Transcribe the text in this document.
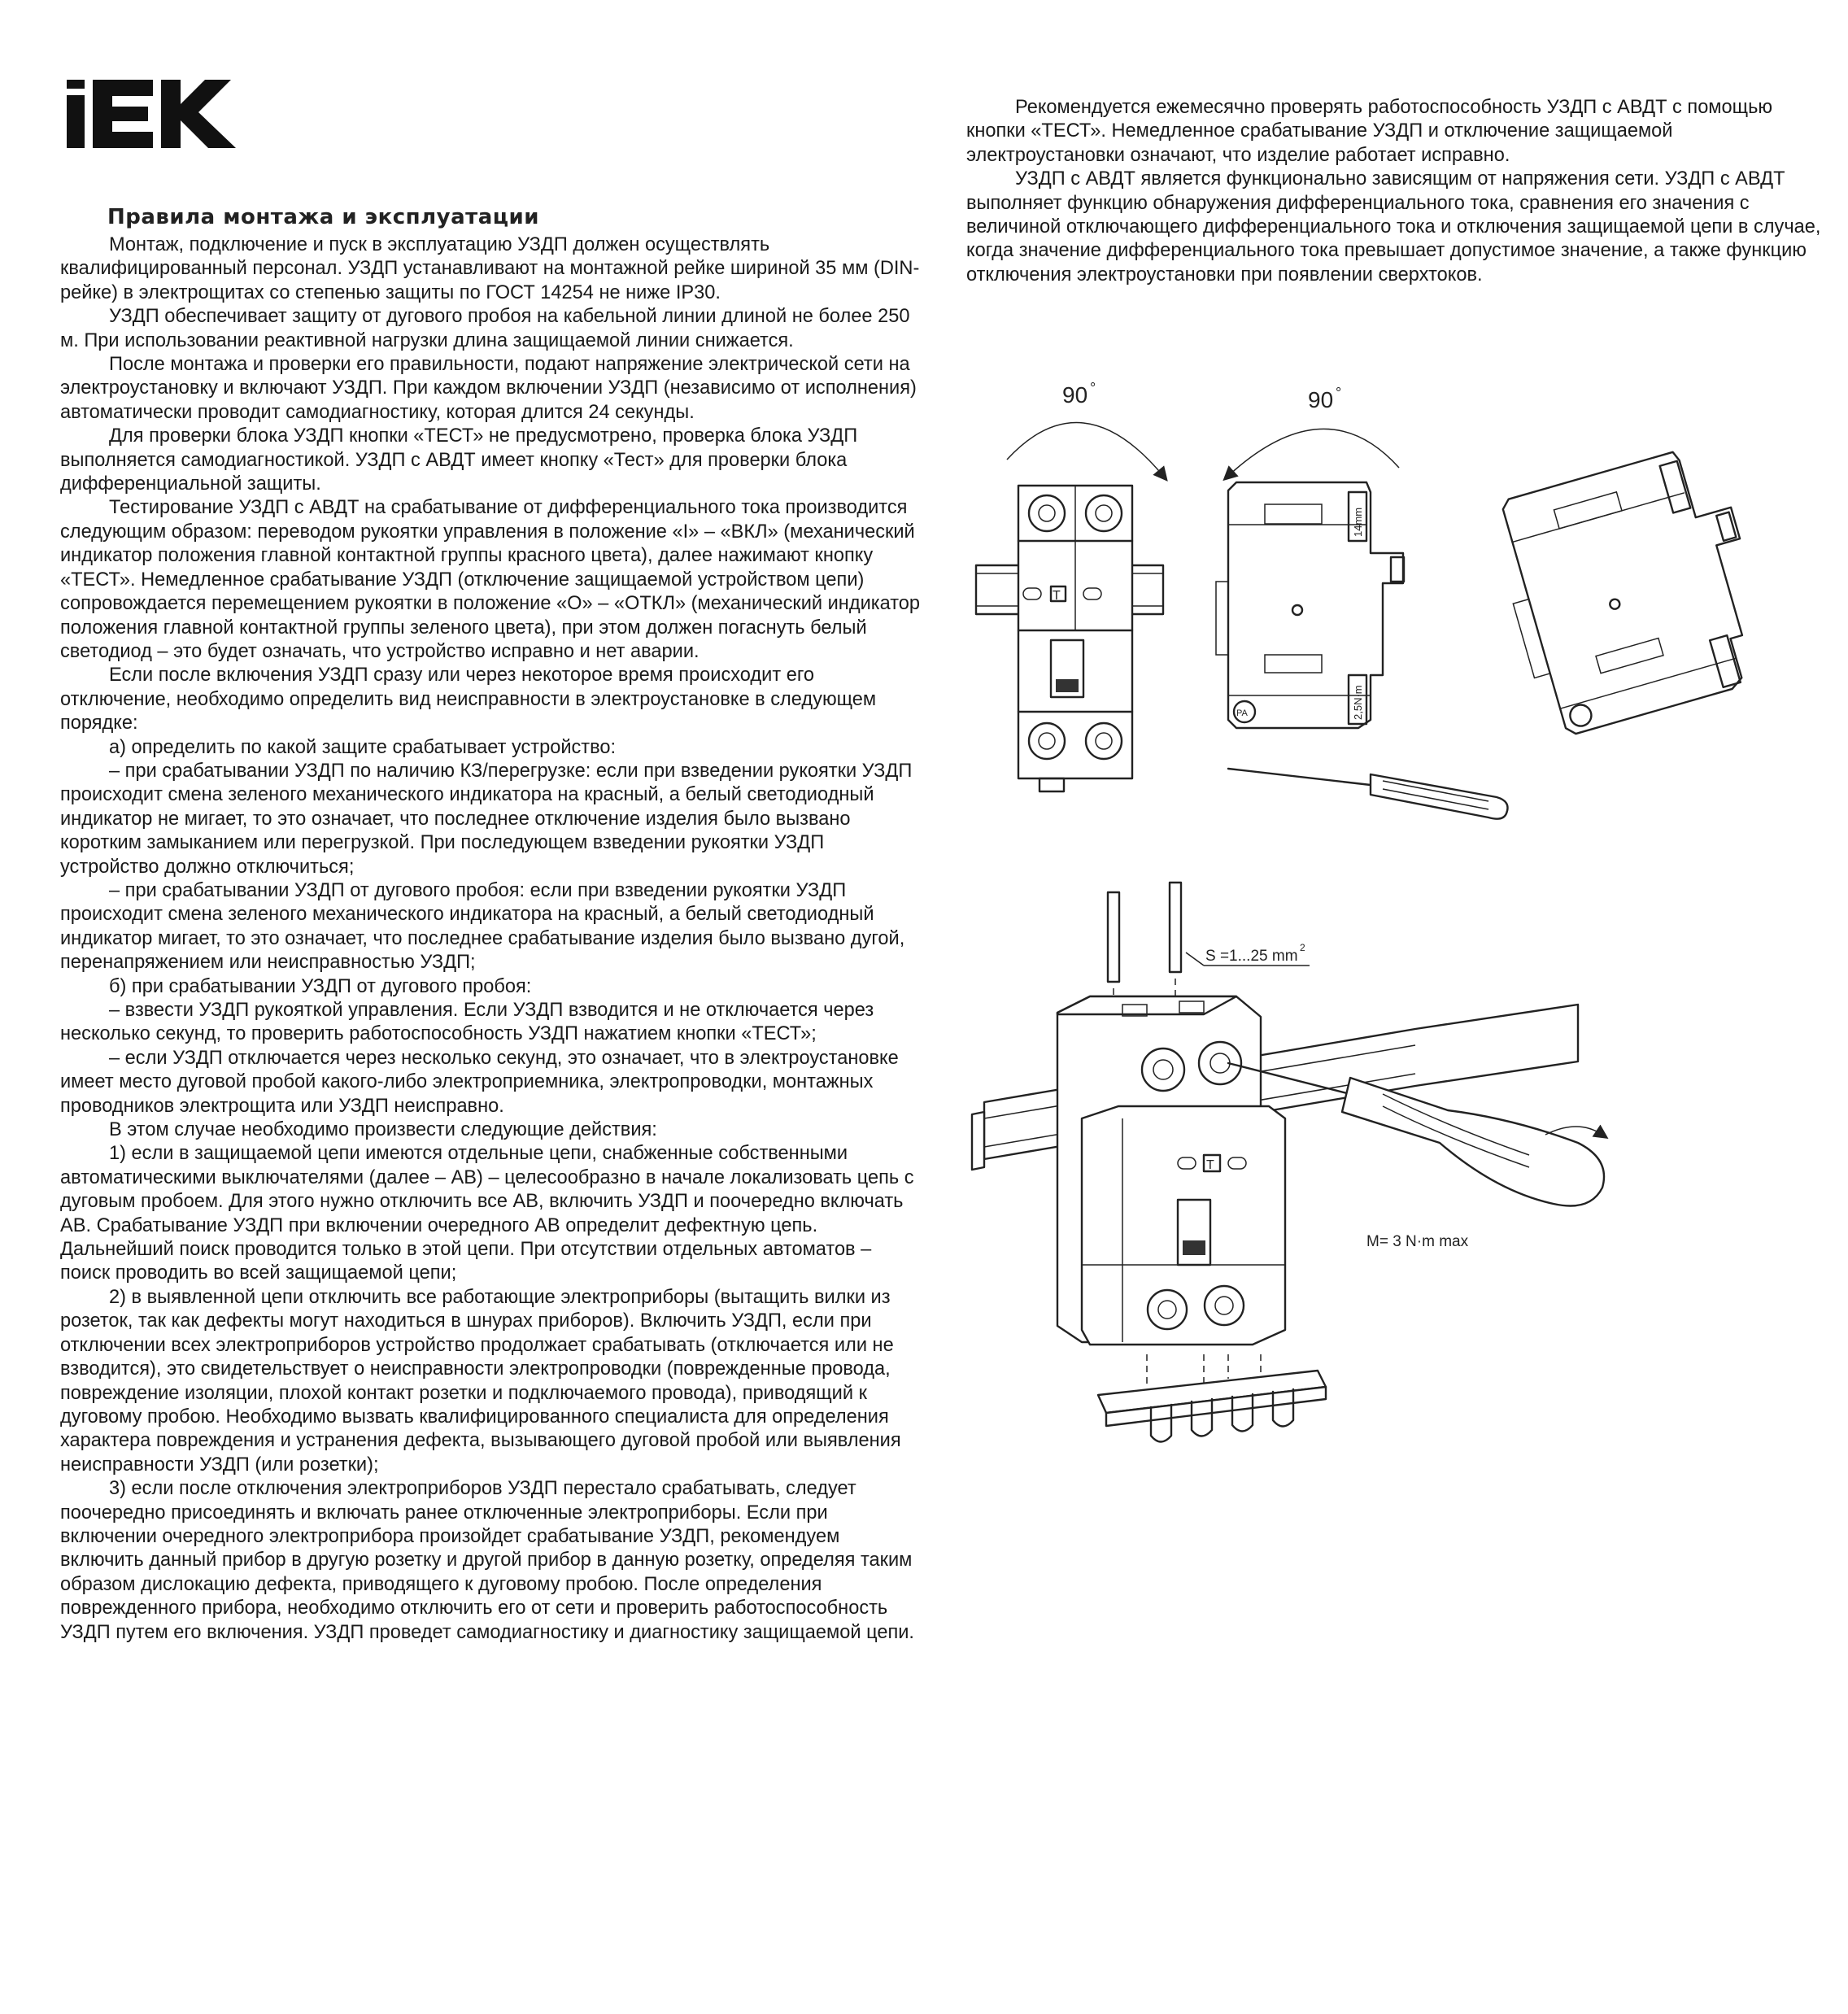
Правила монтажа и эксплуатации

Монтаж, подключение и пуск в эксплуатацию УЗДП должен осуществлять квалифицированный персонал. УЗДП устанавливают на монтажной рейке шириной 35 мм (DIN-рейке) в электрощитах со степенью защиты по ГОСТ 14254 не ниже IP30.

УЗДП обеспечивает защиту от дугового пробоя на кабельной линии длиной не более 250 м. При использовании реактивной нагрузки длина защищаемой линии снижается.

После монтажа и проверки его правильности, подают напряжение электрической сети на электроустановку и включают УЗДП. При каждом включении УЗДП (независимо от исполнения) автоматически проводит самодиагностику, которая длится 24 секунды.

Для проверки блока УЗДП кнопки «ТЕСТ» не предусмотрено, проверка блока УЗДП выполняется самодиагностикой. УЗДП с АВДТ имеет кнопку «Тест» для проверки блока дифференциальной защиты.

Тестирование УЗДП с АВДТ на срабатывание от дифференциального тока производится следующим образом: переводом рукоятки управления в положение «I» – «ВКЛ» (механический индикатор положения главной контактной группы красного цвета), далее нажимают кнопку «ТЕСТ». Немедленное срабатывание УЗДП (отключение защищаемой устройством цепи) сопровождается перемещением рукоятки в положение «О» – «ОТКЛ» (механический индикатор положения главной контактной группы зеленого цвета), при этом должен погаснуть белый светодиод – это будет означать, что устройство исправно и нет аварии.

Если после включения УЗДП сразу или через некоторое время происходит его отключение, необходимо определить вид неисправности в электроустановке в следующем порядке:

а) определить по какой защите срабатывает устройство:

– при срабатывании УЗДП по наличию КЗ/перегрузке: если при взведении рукоятки УЗДП происходит смена зеленого механического индикатора на красный, а белый светодиодный индикатор не мигает, то это означает, что последнее отключение изделия было вызвано коротким замыканием или перегрузкой. При последующем взведении рукоятки УЗДП устройство должно отключиться;

– при срабатывании УЗДП от дугового пробоя: если при взведении рукоятки УЗДП происходит смена зеленого механического индикатора на красный, а белый светодиодный индикатор мигает, то это означает, что последнее срабатывание изделия было вызвано дугой, перенапряжением или неисправностью УЗДП;

б) при срабатывании УЗДП от дугового пробоя:

– взвести УЗДП рукояткой управления. Если УЗДП взводится и не отключается через несколько секунд, то проверить работоспособность УЗДП нажатием кнопки «ТЕСТ»;

– если УЗДП отключается через несколько секунд, это означает, что в электроустановке имеет место дуговой пробой какого-либо электроприемника, электропроводки, монтажных проводников электрощита или УЗДП неисправно.

В этом случае необходимо произвести следующие действия:

1) если в защищаемой цепи имеются отдельные цепи, снабженные собственными автоматическими выключателями (далее – АВ) – целесообразно в начале локализовать цепь с дуговым пробоем. Для этого нужно отключить все АВ, включить УЗДП и поочередно включать АВ. Срабатывание УЗДП при включении очередного АВ определит дефектную цепь. Дальнейший поиск проводится только в этой цепи. При отсутствии отдельных автоматов – поиск проводить во всей защищаемой цепи;

2) в выявленной цепи отключить все работающие электроприборы (вытащить вилки из розеток, так как дефекты могут находиться в шнурах приборов). Включить УЗДП, если при отключении всех электроприборов устройство продолжает срабатывать (отключается или не взводится), это свидетельствует о неисправности электропроводки (поврежденные провода, повреждение изоляции, плохой контакт розетки и подключаемого провода), приводящий к дуговому пробою. Необходимо вызвать квалифицированного специалиста для определения характера повреждения и устранения дефекта, вызывающего дуговой пробой или выявления неисправности УЗДП (или розетки);

3) если после отключения электроприборов УЗДП перестало срабатывать, следует поочередно присоединять и включать ранее отключенные электроприборы. Если при включении очередного электроприбора произойдет срабатывание УЗДП, рекомендуем включить данный прибор в другую розетку и другой прибор в данную розетку, определяя таким образом дислокацию дефекта, приводящего к дуговому пробою. После определения поврежденного прибора, необходимо отключить его от сети и проверить работоспособность УЗДП путем его включения. УЗДП проведет самодиагностику и диагностику защищаемой цепи.

Рекомендуется ежемесячно проверять работоспособность УЗДП с АВДТ с помощью кнопки «ТЕСТ». Немедленное срабатывание УЗДП и отключение защищаемой электроустановки означают, что изделие работает исправно.

УЗДП с АВДТ является функционально зависящим от напряжения сети. УЗДП с АВДТ выполняет функцию обнаружения дифференциального тока, сравнения его значения с величиной отключающего дифференциального тока и отключения защищаемой цепи в случае, когда значение дифференциального тока превышает допустимое значение, а также функцию отключения электроустановки при появлении сверхтоков.

90 °	90 °
T
14mm
2,5N·m
PA
S =1...25 mm 2
T
M= 3 N·m max
